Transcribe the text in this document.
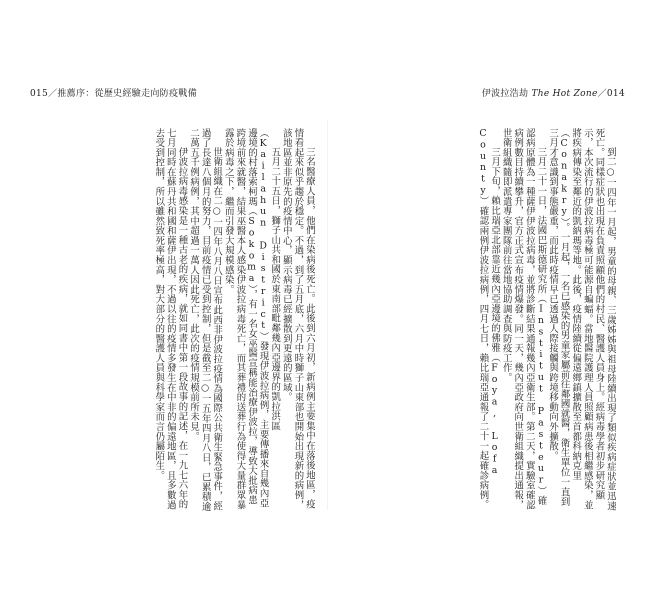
015／推薦序：從歷史經驗走向防疫戰備	伊波拉浩劫 The Hot Zone／014

到二○一四年一月起，男童的母親、三歲姊姊與祖母陸續出現了類似疾病症狀並迅速死亡。同樣症狀也出現在負責照顧他們的村民、醫護人員身上。經病毒學者初步研究顯示，本次流行的伊波拉病毒極可能源自蝙蝠。當地醫院護理人員照顧病患後相繼感染，並將疾病傳染至鄰近的凱納瑪等地。此後，疫情陸續從偏遠鄉鎮擴散至首都科納克里（Conakry）。一月起，一名已感染的男童家屬前往鄰國就醫，衛生單位一直到三月才意識到事態嚴重，而此時疫情早已透過人際接觸與跨境移動向外擴散。

三月二十一日，法國巴斯德研究所（Institut Pasteur）確認病原體為一種薩伊伊波拉病毒，並將診斷結果通報幾內亞衛生部。第二天，實驗室確認病例數目持續攀升，官方正式宣布疫情爆發。同一天，幾內亞政府向世衛組織提出通報，世衛組織隨即派遣專家團隊前往當地協助調查與防疫工作。

三月下旬，賴比瑞亞北部靠近幾內亞邊境的佛雅（Foya, Lofa County）確認兩例伊波拉病例，四月七日，賴比瑞亞通報了二十一起確診病例。

三名醫療人員，他們在染病後死亡。此後到六月初，新病例主要集中在落後地區，疫情看起來似乎趨於穩定。不過，到了五月底，六月中時獅子山東部也開始出現新的病例，該地區並非原先的疫情中心，顯示病毒已經擴散到更遠的區域。

五月二十五日，獅子山共和國於東南部毗鄰幾內亞邊界的凱拉洪區（Kailahun District）發現伊波拉病例，主要傳播來自幾內亞邊境的村落索柯瑪（Sokoma），有一名女巫醫宣稱能治療伊波拉，導致大批病患跨境前來就醫，結果巫醫本人感染伊波拉病毒死亡，而其葬禮的送葬行為使得大量群眾暴露於病毒之下，繼而引發大規模感染。

世衛組織在二○一四年八月八日宣布此西非伊波拉疫情為國際公共衛生緊急事件，經過了長達八個月的努力，目前疫情已受到控制，但是截至二○一五年四月八日，已累積逾二萬五千例病例，其中超過一萬人因此死亡，此次的疫情規模前所未見。

伊波拉病毒感染是一種古老的疾病，就如同書中第一段故事的記述，在一九七六年的七月同時在蘇丹共和國和薩伊出現，不過以往的疫情多發生在中非的偏遠地區，且多數過去受到控制，所以雖然致死率極高，對大部分的醫護人員與科學家而言仍屬陌生。
